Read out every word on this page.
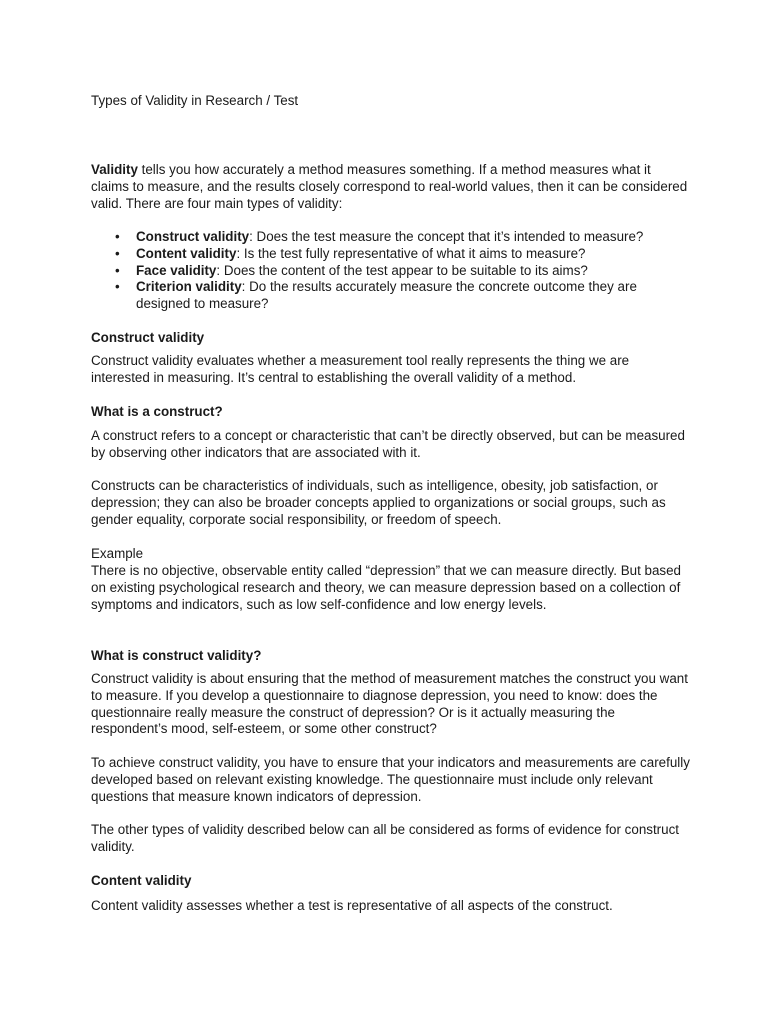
Types of Validity in Research / Test

Validity tells you how accurately a method measures something. If a method measures what it claims to measure, and the results closely correspond to real-world values, then it can be considered valid. There are four main types of validity:

• Construct validity: Does the test measure the concept that it’s intended to measure?
• Content validity: Is the test fully representative of what it aims to measure?
• Face validity: Does the content of the test appear to be suitable to its aims?
• Criterion validity: Do the results accurately measure the concrete outcome they are designed to measure?

Construct validity

Construct validity evaluates whether a measurement tool really represents the thing we are interested in measuring. It’s central to establishing the overall validity of a method.

What is a construct?

A construct refers to a concept or characteristic that can’t be directly observed, but can be measured by observing other indicators that are associated with it.

Constructs can be characteristics of individuals, such as intelligence, obesity, job satisfaction, or depression; they can also be broader concepts applied to organizations or social groups, such as gender equality, corporate social responsibility, or freedom of speech.

Example

There is no objective, observable entity called “depression” that we can measure directly. But based on existing psychological research and theory, we can measure depression based on a collection of symptoms and indicators, such as low self-confidence and low energy levels.

What is construct validity?

Construct validity is about ensuring that the method of measurement matches the construct you want to measure. If you develop a questionnaire to diagnose depression, you need to know: does the questionnaire really measure the construct of depression? Or is it actually measuring the respondent’s mood, self-esteem, or some other construct?

To achieve construct validity, you have to ensure that your indicators and measurements are carefully developed based on relevant existing knowledge. The questionnaire must include only relevant questions that measure known indicators of depression.

The other types of validity described below can all be considered as forms of evidence for construct validity.

Content validity

Content validity assesses whether a test is representative of all aspects of the construct.
